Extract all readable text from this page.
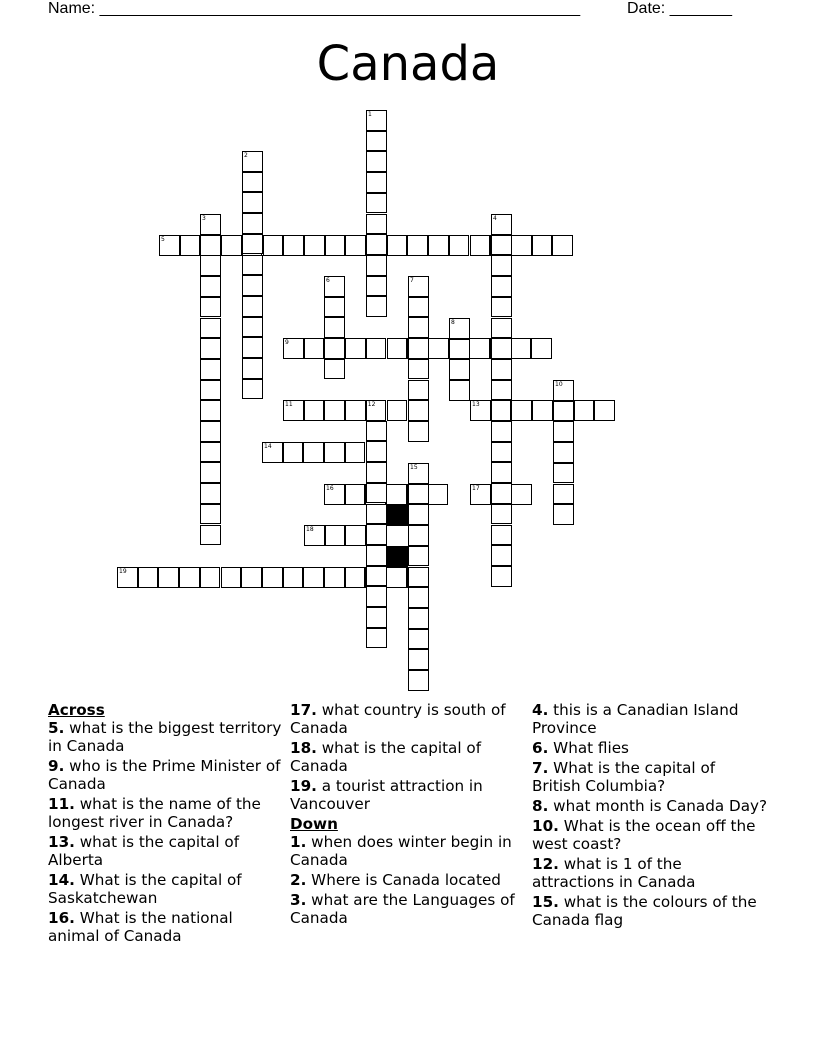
Name: ______________________________________________________	Date: _______
Canada
5
9
11	12	13
14
16	17
18
19
1
2
3	4
6	7
8
10
15

Across

5. what is the biggest territory in Canada

9. who is the Prime Minister of Canada

11. what is the name of the longest river in Canada?

13. what is the capital of Alberta

14. What is the capital of Saskatchewan

16. What is the national animal of Canada

17. what country is south of Canada

18. what is the capital of Canada

19. a tourist attraction in Vancouver

Down

1. when does winter begin in Canada

2. Where is Canada located

3. what are the Languages of Canada

4. this is a Canadian Island Province

6. What flies

7. What is the capital of British Columbia?

8. what month is Canada Day?

10. What is the ocean off the west coast?

12. what is 1 of the attractions in Canada

15. what is the colours of the Canada flag
